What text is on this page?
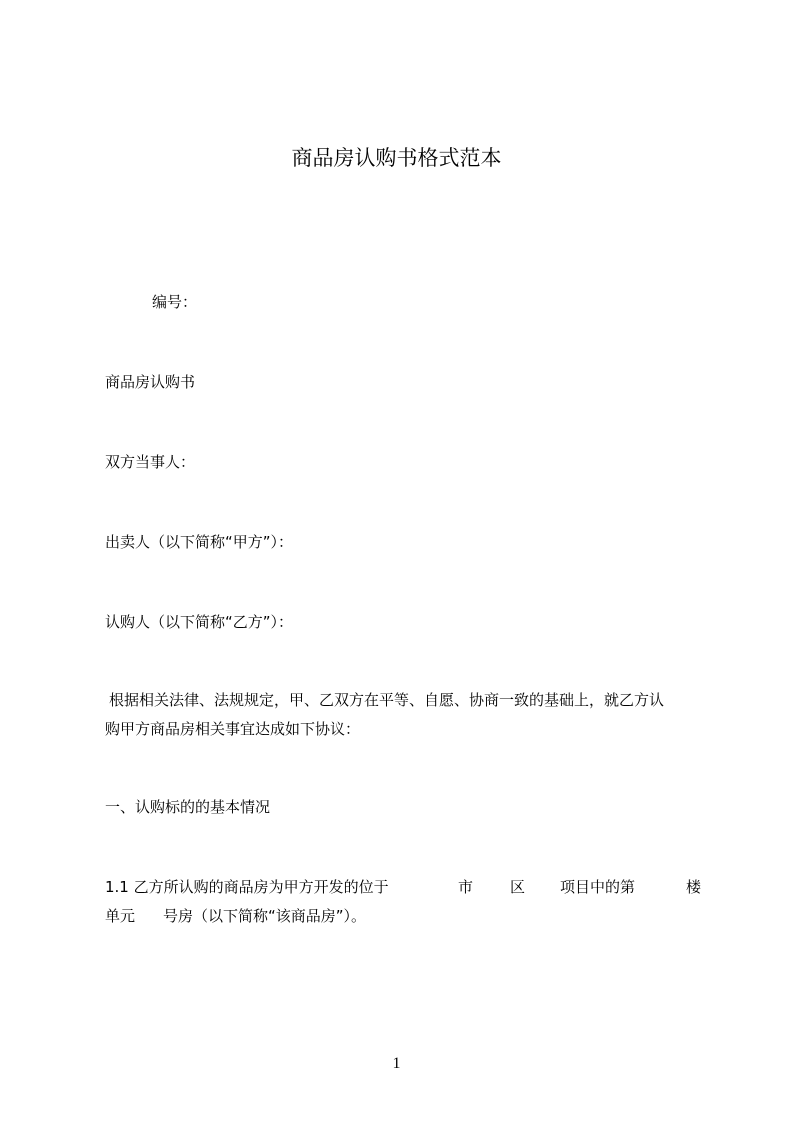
商品房认购书格式范本
编号：
商品房认购书
双方当事人：
出卖人（以下简称“甲方”）：
认购人（以下简称“乙方”）：
根据相关法律、法规规定，甲、乙双方在平等、自愿、协商一致的基础上，就乙方认
购甲方商品房相关事宜达成如下协议：
一、认购标的的基本情况
1.1 乙方所认购的商品房为甲方开发的位于	市 区 项目中的第	楼
单元 号房（以下简称“该商品房”）。
1
